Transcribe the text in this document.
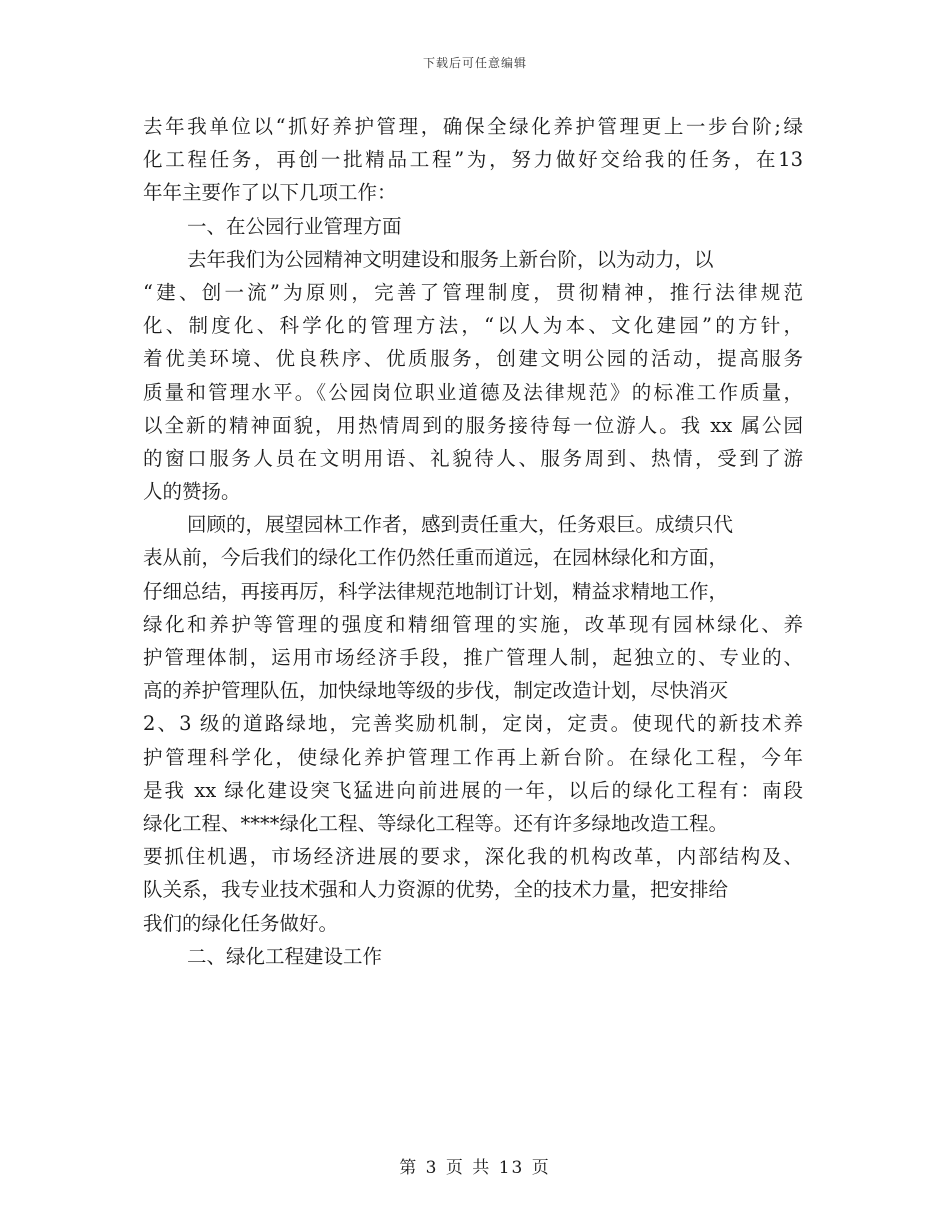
下载后可任意编辑
去年我单位以“抓好养护管理，确保全绿化养护管理更上一步台阶;绿
化工程任务，再创一批精品工程”为，努力做好交给我的任务，在13
年年主要作了以下几项工作：
一、在公园行业管理方面
去年我们为公园精神文明建设和服务上新台阶，以为动力，以
“建、创一流”为原则，完善了管理制度，贯彻精神，推行法律规范
化、制度化、科学化的管理方法，“以人为本、文化建园”的方针，
着优美环境、优良秩序、优质服务，创建文明公园的活动，提高服务
质量和管理水平。《公园岗位职业道德及法律规范》的标准工作质量，
以全新的精神面貌，用热情周到的服务接待每一位游人。我 xx 属公园
的窗口服务人员在文明用语、礼貌待人、服务周到、热情，受到了游
人的赞扬。
回顾的，展望园林工作者，感到责任重大，任务艰巨。成绩只代
表从前，今后我们的绿化工作仍然任重而道远，在园林绿化和方面，
仔细总结，再接再厉，科学法律规范地制订计划，精益求精地工作，
绿化和养护等管理的强度和精细管理的实施，改革现有园林绿化、养
护管理体制，运用市场经济手段，推广管理人制，起独立的、专业的、
高的养护管理队伍，加快绿地等级的步伐，制定改造计划，尽快消灭
2、3 级的道路绿地，完善奖励机制，定岗，定责。使现代的新技术养
护管理科学化，使绿化养护管理工作再上新台阶。在绿化工程，今年
是我 xx 绿化建设突飞猛进向前进展的一年，以后的绿化工程有：南段
绿化工程、****绿化工程、等绿化工程等。还有许多绿地改造工程。
要抓住机遇，市场经济进展的要求，深化我的机构改革，内部结构及、
队关系，我专业技术强和人力资源的优势，全的技术力量，把安排给
我们的绿化任务做好。
二、绿化工程建设工作
第 3 页 共 13 页
